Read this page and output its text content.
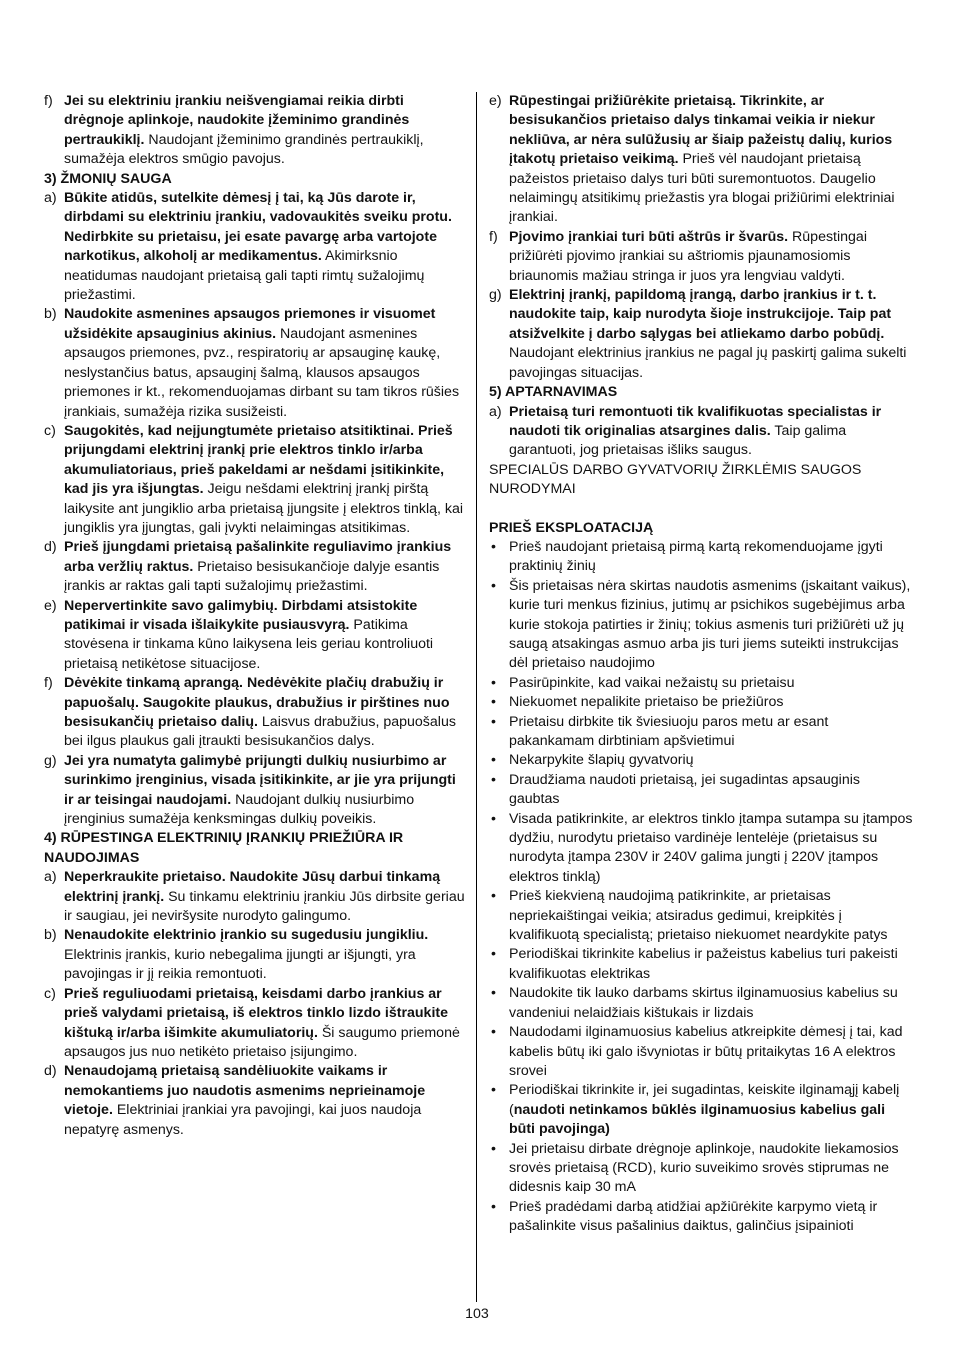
f) Jei su elektriniu įrankiu neišvengiamai reikia dirbti drėgnoje aplinkoje, naudokite įžeminimo grandinės pertraukiklį. Naudojant įžeminimo grandinės pertraukiklį, sumažėja elektros smūgio pavojus.
3) ŽMONIŲ SAUGA
a) Būkite atidūs, sutelkite dėmesį į tai, ką Jūs darote ir, dirbdami su elektriniu įrankiu, vadovaukitės sveiku protu. Nedirbkite su prietaisu, jei esate pavargę arba vartojote narkotikus, alkoholį ar medikamentus. Akimirksnio neatidumas naudojant prietaisą gali tapti rimtų sužalojimų priežastimi.
b) Naudokite asmenines apsaugos priemones ir visuomet užsidėkite apsauginius akinius. Naudojant asmenines apsaugos priemones, pvz., respiratorių ar apsauginę kaukę, neslystančius batus, apsauginį šalmą, klausos apsaugos priemones ir kt., rekomenduojamas dirbant su tam tikros rūšies įrankiais, sumažėja rizika susižeisti.
c) Saugokitės, kad neįjungtumėte prietaiso atsitiktinai. Prieš prijungdami elektrinį įrankį prie elektros tinklo ir/arba akumuliatoriaus, prieš pakeldami ar nešdami įsitikinkite, kad jis yra išjungtas. Jeigu nešdami elektrinį įrankį pirštą laikysite ant jungiklio arba prietaisą įjungsite į elektros tinklą, kai jungiklis yra įjungtas, gali įvykti nelaimingas atsitikimas.
d) Prieš įjungdami prietaisą pašalinkite reguliavimo įrankius arba veržlių raktus. Prietaiso besisukančioje dalyje esantis įrankis ar raktas gali tapti sužalojimų priežastimi.
e) Nepervertinkite savo galimybių. Dirbdami atsistokite patikimai ir visada išlaikykite pusiausvyrą. Patikima stovėsena ir tinkama kūno laikysena leis geriau kontroliuoti prietaisą netikėtose situacijose.
f) Dėvėkite tinkamą aprangą. Nedėvėkite plačių drabužių ir papuošalų. Saugokite plaukus, drabužius ir pirštines nuo besisukančių prietaiso dalių. Laisvus drabužius, papuošalus bei ilgus plaukus gali įtraukti besisukančios dalys.
g) Jei yra numatyta galimybė prijungti dulkių nusiurbimo ar surinkimo įrenginius, visada įsitikinkite, ar jie yra prijungti ir ar teisingai naudojami. Naudojant dulkių nusiurbimo įrenginius sumažėja kenksmingas dulkių poveikis.
4) RŪPESTINGA ELEKTRINIŲ ĮRANKIŲ PRIEŽIŪRA IR NAUDOJIMAS
a) Neperkraukite prietaiso. Naudokite Jūsų darbui tinkamą elektrinį įrankį. Su tinkamu elektriniu įrankiu Jūs dirbsite geriau ir saugiau, jei neviršysite nurodyto galingumo.
b) Nenaudokite elektrinio įrankio su sugedusiu jungikliu. Elektrinis įrankis, kurio nebegalima įjungti ar išjungti, yra pavojingas ir jį reikia remontuoti.
c) Prieš reguliuodami prietaisą, keisdami darbo įrankius ar prieš valydami prietaisą, iš elektros tinklo lizdo ištraukite kištuką ir/arba išimkite akumuliatorių. Ši saugumo priemonė apsaugos jus nuo netikėto prietaiso įsijungimo.
d) Nenaudojamą prietaisą sandėliuokite vaikams ir nemokantiems juo naudotis asmenims neprieinamoje vietoje. Elektriniai įrankiai yra pavojingi, kai juos naudoja nepatyrę asmenys.
e) Rūpestingai prižiūrėkite prietaisą. Tikrinkite, ar besisukančios prietaiso dalys tinkamai veikia ir niekur nekliūva, ar nėra sulūžusių ar šiaip pažeistų dalių, kurios įtakotų prietaiso veikimą. Prieš vėl naudojant prietaisą pažeistos prietaiso dalys turi būti suremontuotos. Daugelio nelaimingų atsitikimų priežastis yra blogai prižiūrimi elektriniai įrankiai.
f) Pjovimo įrankiai turi būti aštrūs ir švarūs. Rūpestingai prižiūrėti pjovimo įrankiai su aštriomis pjaunamosiomis briaunomis mažiau stringa ir juos yra lengviau valdyti.
g) Elektrinį įrankį, papildomą įrangą, darbo įrankius ir t. t. naudokite taip, kaip nurodyta šioje instrukcijoje. Taip pat atsižvelkite į darbo sąlygas bei atliekamo darbo pobūdį. Naudojant elektrinius įrankius ne pagal jų paskirtį galima sukelti pavojingas situacijas.
5) APTARNAVIMAS
a) Prietaisą turi remontuoti tik kvalifikuotas specialistas ir naudoti tik originalias atsargines dalis. Taip galima garantuoti, jog prietaisas išliks saugus.
SPECIALŪS DARBO GYVATVORIŲ ŽIRKLĖMIS SAUGOS NURODYMAI
PRIEŠ EKSPLOATACIJĄ
• Prieš naudojant prietaisą pirmą kartą rekomenduojame įgyti praktinių žinių
• Šis prietaisas nėra skirtas naudotis asmenims (įskaitant vaikus), kurie turi menkus fizinius, jutimų ar psichikos sugebėjimus arba kurie stokoja patirties ir žinių; tokius asmenis turi prižiūrėti už jų saugą atsakingas asmuo arba jis turi jiems suteikti instrukcijas dėl prietaiso naudojimo
• Pasirūpinkite, kad vaikai nežaistų su prietaisu
• Niekuomet nepalikite prietaiso be priežiūros
• Prietaisu dirbkite tik šviesiuoju paros metu ar esant pakankamam dirbtiniam apšvietimui
• Nekarpykite šlapių gyvatvorių
• Draudžiama naudoti prietaisą, jei sugadintas apsauginis gaubtas
• Visada patikrinkite, ar elektros tinklo įtampa sutampa su įtampos dydžiu, nurodytu prietaiso vardinėje lentelėje (prietaisus su nurodyta įtampa 230V ir 240V galima jungti į 220V įtampos elektros tinklą)
• Prieš kiekvieną naudojimą patikrinkite, ar prietaisas nepriekaištingai veikia; atsiradus gedimui, kreipkitės į kvalifikuotą specialistą; prietaiso niekuomet neardykite patys
• Periodiškai tikrinkite kabelius ir pažeistus kabelius turi pakeisti kvalifikuotas elektrikas
• Naudokite tik lauko darbams skirtus ilginamuosius kabelius su vandeniui nelaidžiais kištukais ir lizdais
• Naudodami ilginamuosius kabelius atkreipkite dėmesį į tai, kad kabelis būtų iki galo išvyniotas ir būtų pritaikytas 16 A elektros srovei
• Periodiškai tikrinkite ir, jei sugadintas, keiskite ilginamąjį kabelį (naudoti netinkamos būklės ilginamuosius kabelius gali būti pavojinga)
• Jei prietaisu dirbate drėgnoje aplinkoje, naudokite liekamosios srovės prietaisą (RCD), kurio suveikimo srovės stiprumas ne didesnis kaip 30 mA
• Prieš pradėdami darbą atidžiai apžiūrėkite karpymo vietą ir pašalinkite visus pašalinius daiktus, galinčius įsipainioti
103
